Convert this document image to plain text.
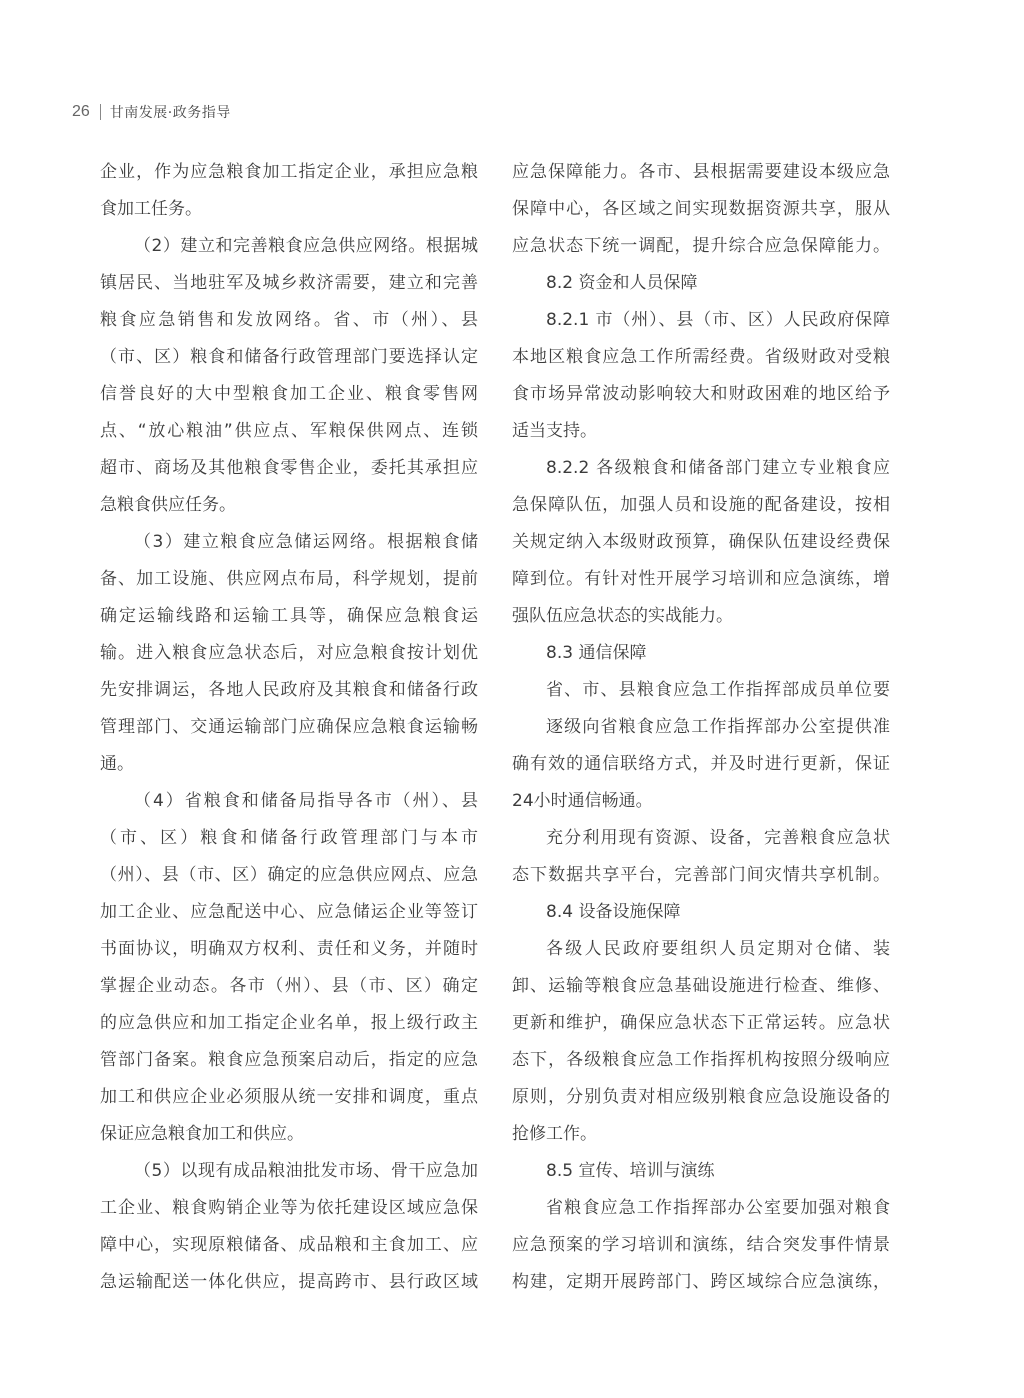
26 甘南发展·政务指导
企业，作为应急粮食加工指定企业，承担应急粮
食加工任务。
（2）建立和完善粮食应急供应网络。根据城
镇居民、当地驻军及城乡救济需要，建立和完善
粮食应急销售和发放网络。省、市（州）、县
（市、区）粮食和储备行政管理部门要选择认定
信誉良好的大中型粮食加工企业、粮食零售网
点、“放心粮油”供应点、军粮保供网点、连锁
超市、商场及其他粮食零售企业，委托其承担应
急粮食供应任务。
（3）建立粮食应急储运网络。根据粮食储
备、加工设施、供应网点布局，科学规划，提前
确定运输线路和运输工具等，确保应急粮食运
输。进入粮食应急状态后，对应急粮食按计划优
先安排调运，各地人民政府及其粮食和储备行政
管理部门、交通运输部门应确保应急粮食运输畅
通。
（4）省粮食和储备局指导各市（州）、县
（市、区）粮食和储备行政管理部门与本市
（州）、县（市、区）确定的应急供应网点、应急
加工企业、应急配送中心、应急储运企业等签订
书面协议，明确双方权利、责任和义务，并随时
掌握企业动态。各市（州）、县（市、区）确定
的应急供应和加工指定企业名单，报上级行政主
管部门备案。粮食应急预案启动后，指定的应急
加工和供应企业必须服从统一安排和调度，重点
保证应急粮食加工和供应。
（5）以现有成品粮油批发市场、骨干应急加
工企业、粮食购销企业等为依托建设区域应急保
障中心，实现原粮储备、成品粮和主食加工、应
急运输配送一体化供应，提高跨市、县行政区域
应急保障能力。各市、县根据需要建设本级应急
保障中心，各区域之间实现数据资源共享，服从
应急状态下统一调配，提升综合应急保障能力。
8.2 资金和人员保障
8.2.1 市（州）、县（市、区）人民政府保障
本地区粮食应急工作所需经费。省级财政对受粮
食市场异常波动影响较大和财政困难的地区给予
适当支持。
8.2.2 各级粮食和储备部门建立专业粮食应
急保障队伍，加强人员和设施的配备建设，按相
关规定纳入本级财政预算，确保队伍建设经费保
障到位。有针对性开展学习培训和应急演练，增
强队伍应急状态的实战能力。
8.3 通信保障
省、市、县粮食应急工作指挥部成员单位要
逐级向省粮食应急工作指挥部办公室提供准
确有效的通信联络方式，并及时进行更新，保证
24小时通信畅通。
充分利用现有资源、设备，完善粮食应急状
态下数据共享平台，完善部门间灾情共享机制。
8.4 设备设施保障
各级人民政府要组织人员定期对仓储、装
卸、运输等粮食应急基础设施进行检查、维修、
更新和维护，确保应急状态下正常运转。应急状
态下，各级粮食应急工作指挥机构按照分级响应
原则，分别负责对相应级别粮食应急设施设备的
抢修工作。
8.5 宣传、培训与演练
省粮食应急工作指挥部办公室要加强对粮食
应急预案的学习培训和演练，结合突发事件情景
构建，定期开展跨部门、跨区域综合应急演练，
